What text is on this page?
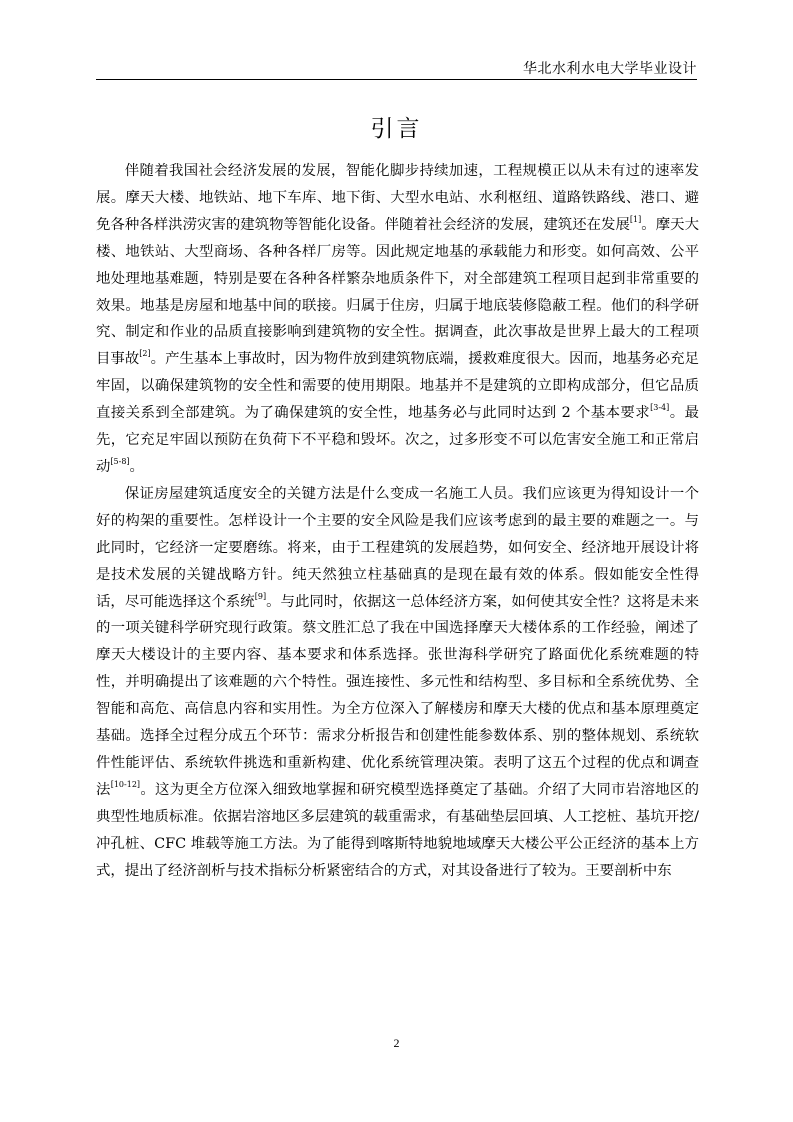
华北水利水电大学毕业设计
引言

伴随着我国社会经济发展的发展，智能化脚步持续加速，工程规模正以从未有过的速率发展。摩天大楼、地铁站、地下车库、地下街、大型水电站、水利枢纽、道路铁路线、港口、避免各种各样洪涝灾害的建筑物等智能化设备。伴随着社会经济的发展，建筑还在发展[1]。摩天大楼、地铁站、大型商场、各种各样厂房等。因此规定地基的承载能力和形变。如何高效、公平地处理地基难题，特别是要在各种各样繁杂地质条件下，对全部建筑工程项目起到非常重要的效果。地基是房屋和地基中间的联接。归属于住房，归属于地底装修隐蔽工程。他们的科学研究、制定和作业的品质直接影响到建筑物的安全性。据调查，此次事故是世界上最大的工程项目事故[2]。产生基本上事故时，因为物件放到建筑物底端，援救难度很大。因而，地基务必充足牢固，以确保建筑物的安全性和需要的使用期限。地基并不是建筑的立即构成部分，但它品质直接关系到全部建筑。为了确保建筑的安全性，地基务必与此同时达到 2 个基本要求[3-4]。最先，它充足牢固以预防在负荷下不平稳和毁坏。次之，过多形变不可以危害安全施工和正常启动[5-8]。

保证房屋建筑适度安全的关键方法是什么变成一名施工人员。我们应该更为得知设计一个好的构架的重要性。怎样设计一个主要的安全风险是我们应该考虑到的最主要的难题之一。与此同时，它经济一定要磨练。将来，由于工程建筑的发展趋势，如何安全、经济地开展设计将是技术发展的关键战略方针。纯天然独立柱基础真的是现在最有效的体系。假如能安全性得话，尽可能选择这个系统[9]。与此同时，依据这一总体经济方案，如何使其安全性？这将是未来的一项关键科学研究现行政策。蔡文胜汇总了我在中国选择摩天大楼体系的工作经验，阐述了摩天大楼设计的主要内容、基本要求和体系选择。张世海科学研究了路面优化系统难题的特性，并明确提出了该难题的六个特性。强连接性、多元性和结构型、多目标和全系统优势、全智能和高危、高信息内容和实用性。为全方位深入了解楼房和摩天大楼的优点和基本原理奠定基础。选择全过程分成五个环节：需求分析报告和创建性能参数体系、别的整体规划、系统软件性能评估、系统软件挑选和重新构建、优化系统管理决策。表明了这五个过程的优点和调查法[10-12]。这为更全方位深入细致地掌握和研究模型选择奠定了基础。介绍了大同市岩溶地区的典型性地质标准。依据岩溶地区多层建筑的载重需求，有基础垫层回填、人工挖桩、基坑开挖/冲孔桩、CFC 堆载等施工方法。为了能得到喀斯特地貌地域摩天大楼公平公正经济的基本上方式，提出了经济剖析与技术指标分析紧密结合的方式，对其设备进行了较为。王要剖析中东

2
